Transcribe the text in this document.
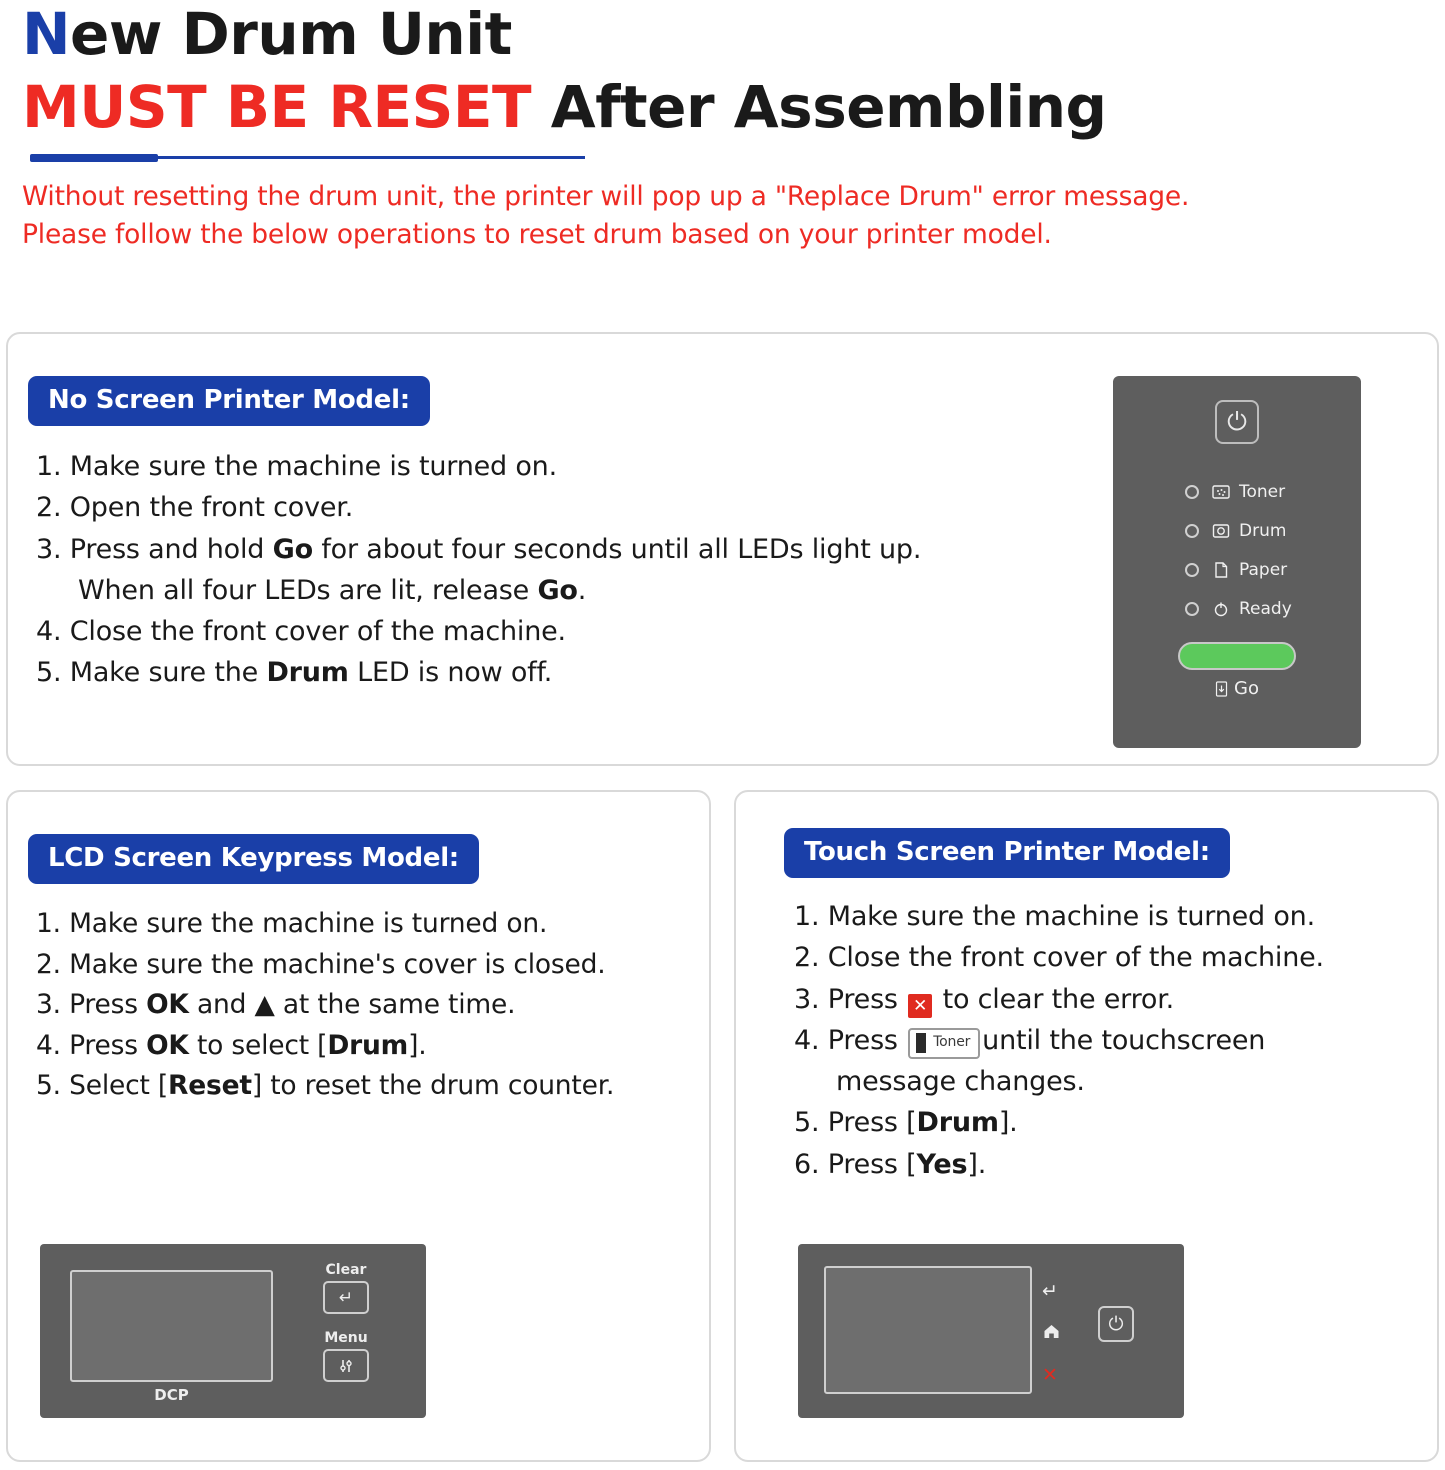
New Drum Unit
MUST BE RESET After Assembling
Without resetting the drum unit, the printer will pop up a "Replace Drum" error message.
Please follow the below operations to reset drum based on your printer model.
No Screen Printer Model:
1. Make sure the machine is turned on.
2. Open the front cover.
3. Press and hold Go for about four seconds until all LEDs light up.
When all four LEDs are lit, release Go.
4. Close the front cover of the machine.
5. Make sure the Drum LED is now off.
⏻
Toner
Drum
Paper
Ready
Go
LCD Screen Keypress Model:
1. Make sure the machine is turned on.
2. Make sure the machine's cover is closed.
3. Press OK and ▲ at the same time.
4. Press OK to select [Drum].
5. Select [Reset] to reset the drum counter.
DCP
Clear
↵
Menu
Touch Screen Printer Model:
1. Make sure the machine is turned on.
2. Close the front cover of the machine.
3. Press ✕ to clear the error.
4. Press Toner until the touchscreen
message changes.
5. Press [Drum].
6. Press [Yes].
↵
✕
⏻
